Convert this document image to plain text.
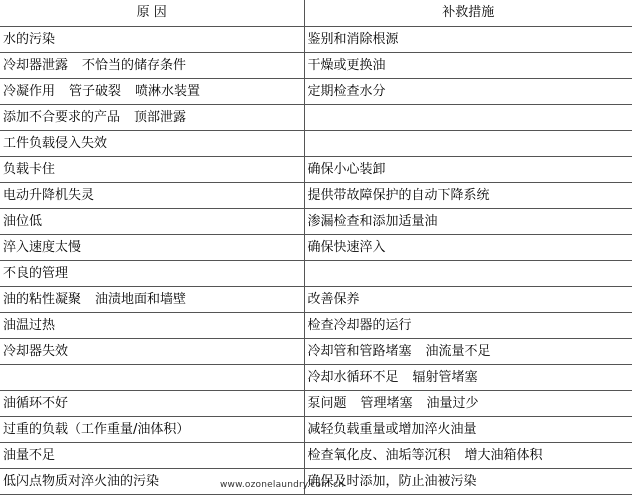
原 因	补救措施
水的污染	鉴别和消除根源
冷却器泄露 不恰当的储存条件	干燥或更换油
冷凝作用 管子破裂 喷淋水装置	定期检查水分
添加不合要求的产品 顶部泄露	
工件负载侵入失效	
负载卡住	确保小心装卸
电动升降机失灵	提供带故障保护的自动下降系统
油位低	渗漏检查和添加适量油
淬入速度太慢	确保快速淬入
不良的管理	
油的粘性凝聚 油渍地面和墙壁	改善保养
油温过热	检查冷却器的运行
冷却器失效	冷却管和管路堵塞 油流量不足
	冷却水循环不足 辐射管堵塞
油循环不好	泵问题 管理堵塞 油量过少
过重的负载（工作重量/油体积）	减轻负载重量或增加淬火油量
油量不足	检查氧化皮、油垢等沉积 增大油箱体积
低闪点物质对淬火油的污染	确保及时添加，防止油被污染
www.ozonelaundry.com.cn
